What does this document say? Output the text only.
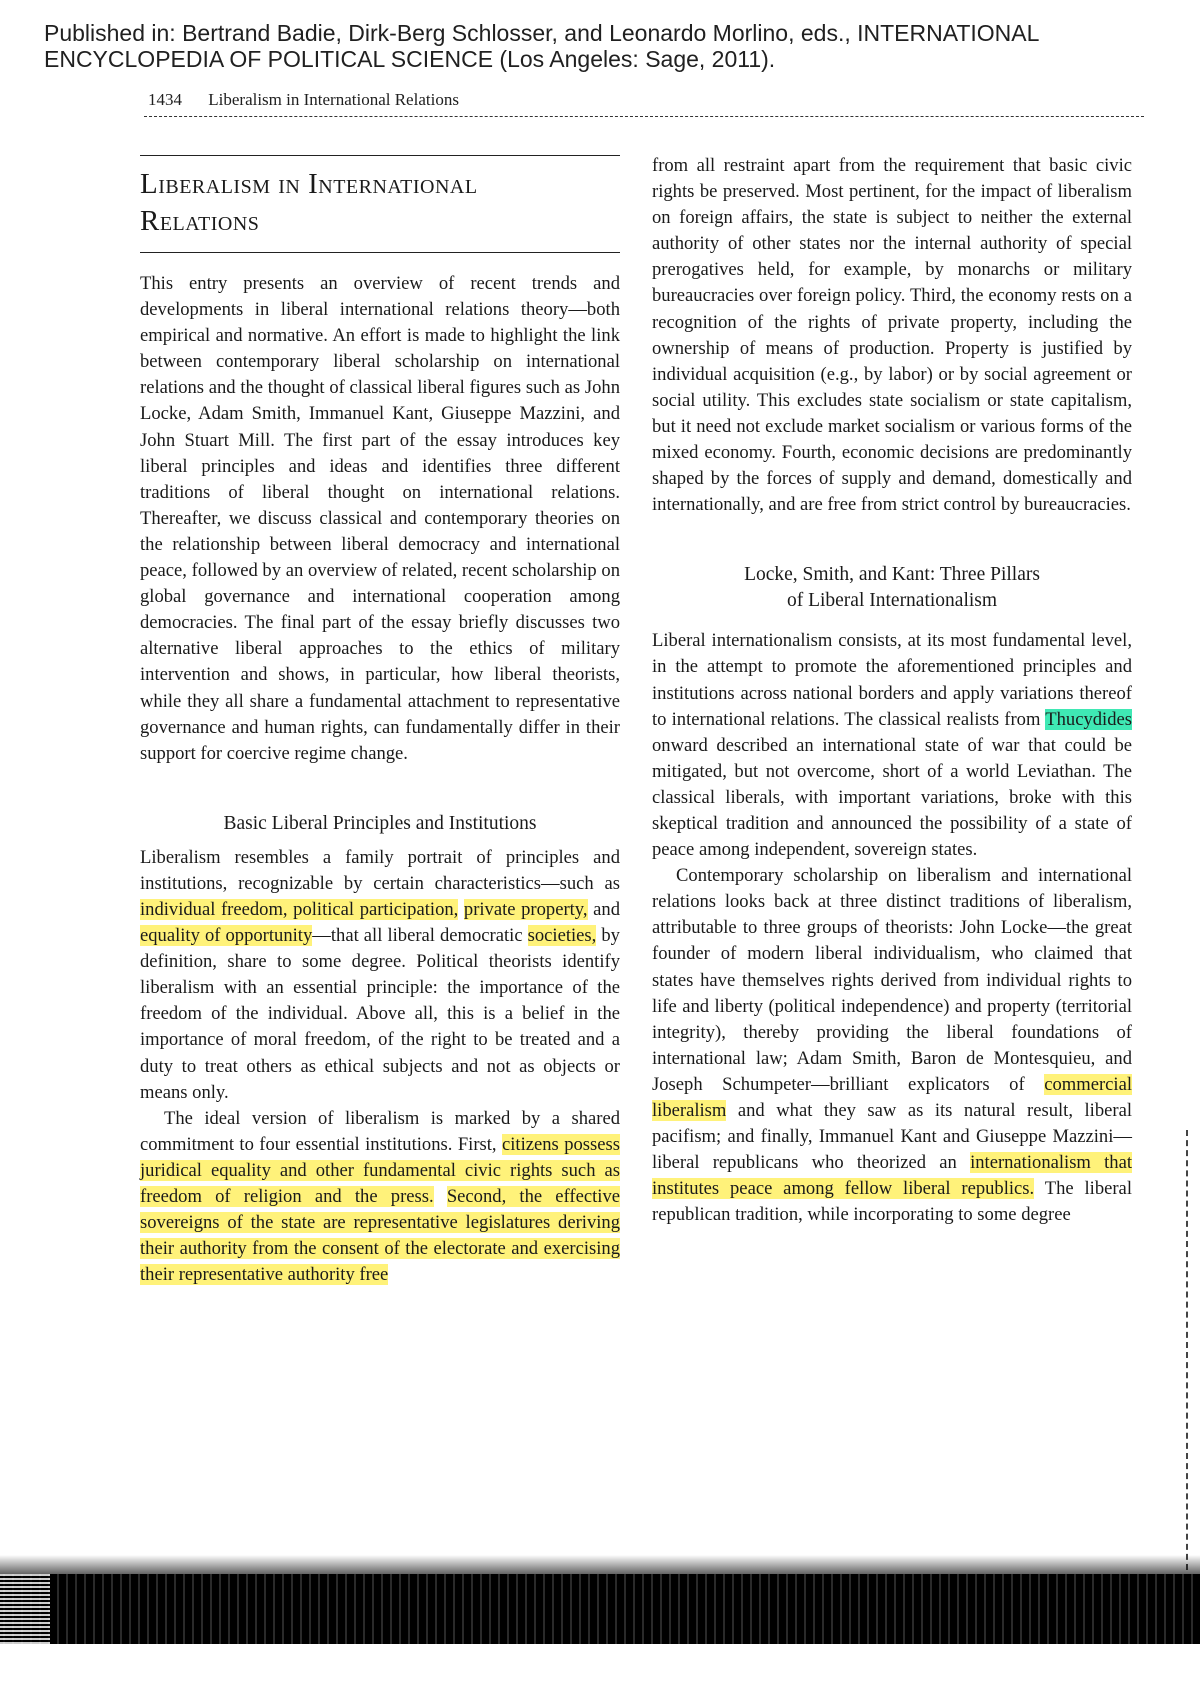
Published in: Bertrand Badie, Dirk-Berg Schlosser, and Leonardo Morlino, eds., INTERNATIONAL ENCYCLOPEDIA OF POLITICAL SCIENCE (Los Angeles: Sage, 2011).
1434 Liberalism in International Relations
Liberalism in International
Relations

This entry presents an overview of recent trends and developments in liberal international relations theory—both empirical and normative. An effort is made to highlight the link between contemporary liberal scholarship on international relations and the thought of classical liberal figures such as John Locke, Adam Smith, Immanuel Kant, Giuseppe Mazzini, and John Stuart Mill. The first part of the essay introduces key liberal principles and ideas and identifies three different traditions of liberal thought on international relations. Thereafter, we discuss classical and contemporary theories on the relationship between liberal democracy and international peace, followed by an overview of related, recent scholarship on global governance and international cooperation among democracies. The final part of the essay briefly discusses two alternative liberal approaches to the ethics of military intervention and shows, in particular, how liberal theorists, while they all share a fundamental attachment to representative governance and human rights, can fundamentally differ in their support for coercive regime change.

Basic Liberal Principles and Institutions

Liberalism resembles a family portrait of principles and institutions, recognizable by certain characteristics—such as individual freedom, political participation, private property, and equality of opportunity—that all liberal democratic societies, by definition, share to some degree. Political theorists identify liberalism with an essential principle: the importance of the freedom of the individual. Above all, this is a belief in the importance of moral freedom, of the right to be treated and a duty to treat others as ethical subjects and not as objects or means only.

The ideal version of liberalism is marked by a shared commitment to four essential institutions. First, citizens possess juridical equality and other fundamental civic rights such as freedom of religion and the press. Second, the effective sovereigns of the state are representative legislatures deriving their authority from the consent of the electorate and exercising their representative authority free

from all restraint apart from the requirement that basic civic rights be preserved. Most pertinent, for the impact of liberalism on foreign affairs, the state is subject to neither the external authority of other states nor the internal authority of special prerogatives held, for example, by monarchs or military bureaucracies over foreign policy. Third, the economy rests on a recognition of the rights of private property, including the ownership of means of production. Property is justified by individual acquisition (e.g., by labor) or by social agreement or social utility. This excludes state socialism or state capitalism, but it need not exclude market socialism or various forms of the mixed economy. Fourth, economic decisions are predominantly shaped by the forces of supply and demand, domestically and internationally, and are free from strict control by bureaucracies.

Locke, Smith, and Kant: Three Pillars
of Liberal Internationalism

Liberal internationalism consists, at its most fundamental level, in the attempt to promote the aforementioned principles and institutions across national borders and apply variations thereof to international relations. The classical realists from Thucydides onward described an international state of war that could be mitigated, but not overcome, short of a world Leviathan. The classical liberals, with important variations, broke with this skeptical tradition and announced the possibility of a state of peace among independent, sovereign states.

Contemporary scholarship on liberalism and international relations looks back at three distinct traditions of liberalism, attributable to three groups of theorists: John Locke—the great founder of modern liberal individualism, who claimed that states have themselves rights derived from individual rights to life and liberty (political independence) and property (territorial integrity), thereby providing the liberal foundations of international law; Adam Smith, Baron de Montesquieu, and Joseph Schumpeter—brilliant explicators of commercial liberalism and what they saw as its natural result, liberal pacifism; and finally, Immanuel Kant and Giuseppe Mazzini—liberal republicans who theorized an internationalism that institutes peace among fellow liberal republics. The liberal republican tradition, while incorporating to some degree
